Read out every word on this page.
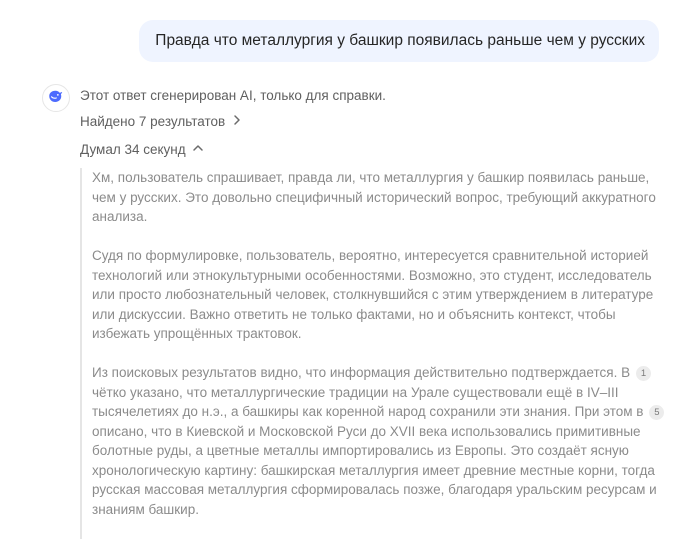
Правда что металлургия у башкир появилась раньше чем у русских
Этот ответ сгенерирован AI, только для справки.
Найдено 7 результатов
Думал 34 секунд

Хм, пользователь спрашивает, правда ли, что металлургия у башкир появилась раньше, чем у русских. Это довольно специфичный исторический вопрос, требующий аккуратного анализа.

Судя по формулировке, пользователь, вероятно, интересуется сравнительной историей технологий или этнокультурными особенностями. Возможно, это студент, исследователь или просто любознательный человек, столкнувшийся с этим утверждением в литературе или дискуссии. Важно ответить не только фактами, но и объяснить контекст, чтобы избежать упрощённых трактовок.

Из поисковых результатов видно, что информация действительно подтверждается. В 1 чётко указано, что металлургические традиции на Урале существовали ещё в IV–III тысячелетиях до н.э., а башкиры как коренной народ сохранили эти знания. При этом в 5 описано, что в Киевской и Московской Руси до XVII века использовались примитивные болотные руды, а цветные металлы импортировались из Европы. Это создаёт ясную хронологическую картину: башкирская металлургия имеет древние местные корни, тогда русская массовая металлургия сформировалась позже, благодаря уральским ресурсам и знаниям башкир.
